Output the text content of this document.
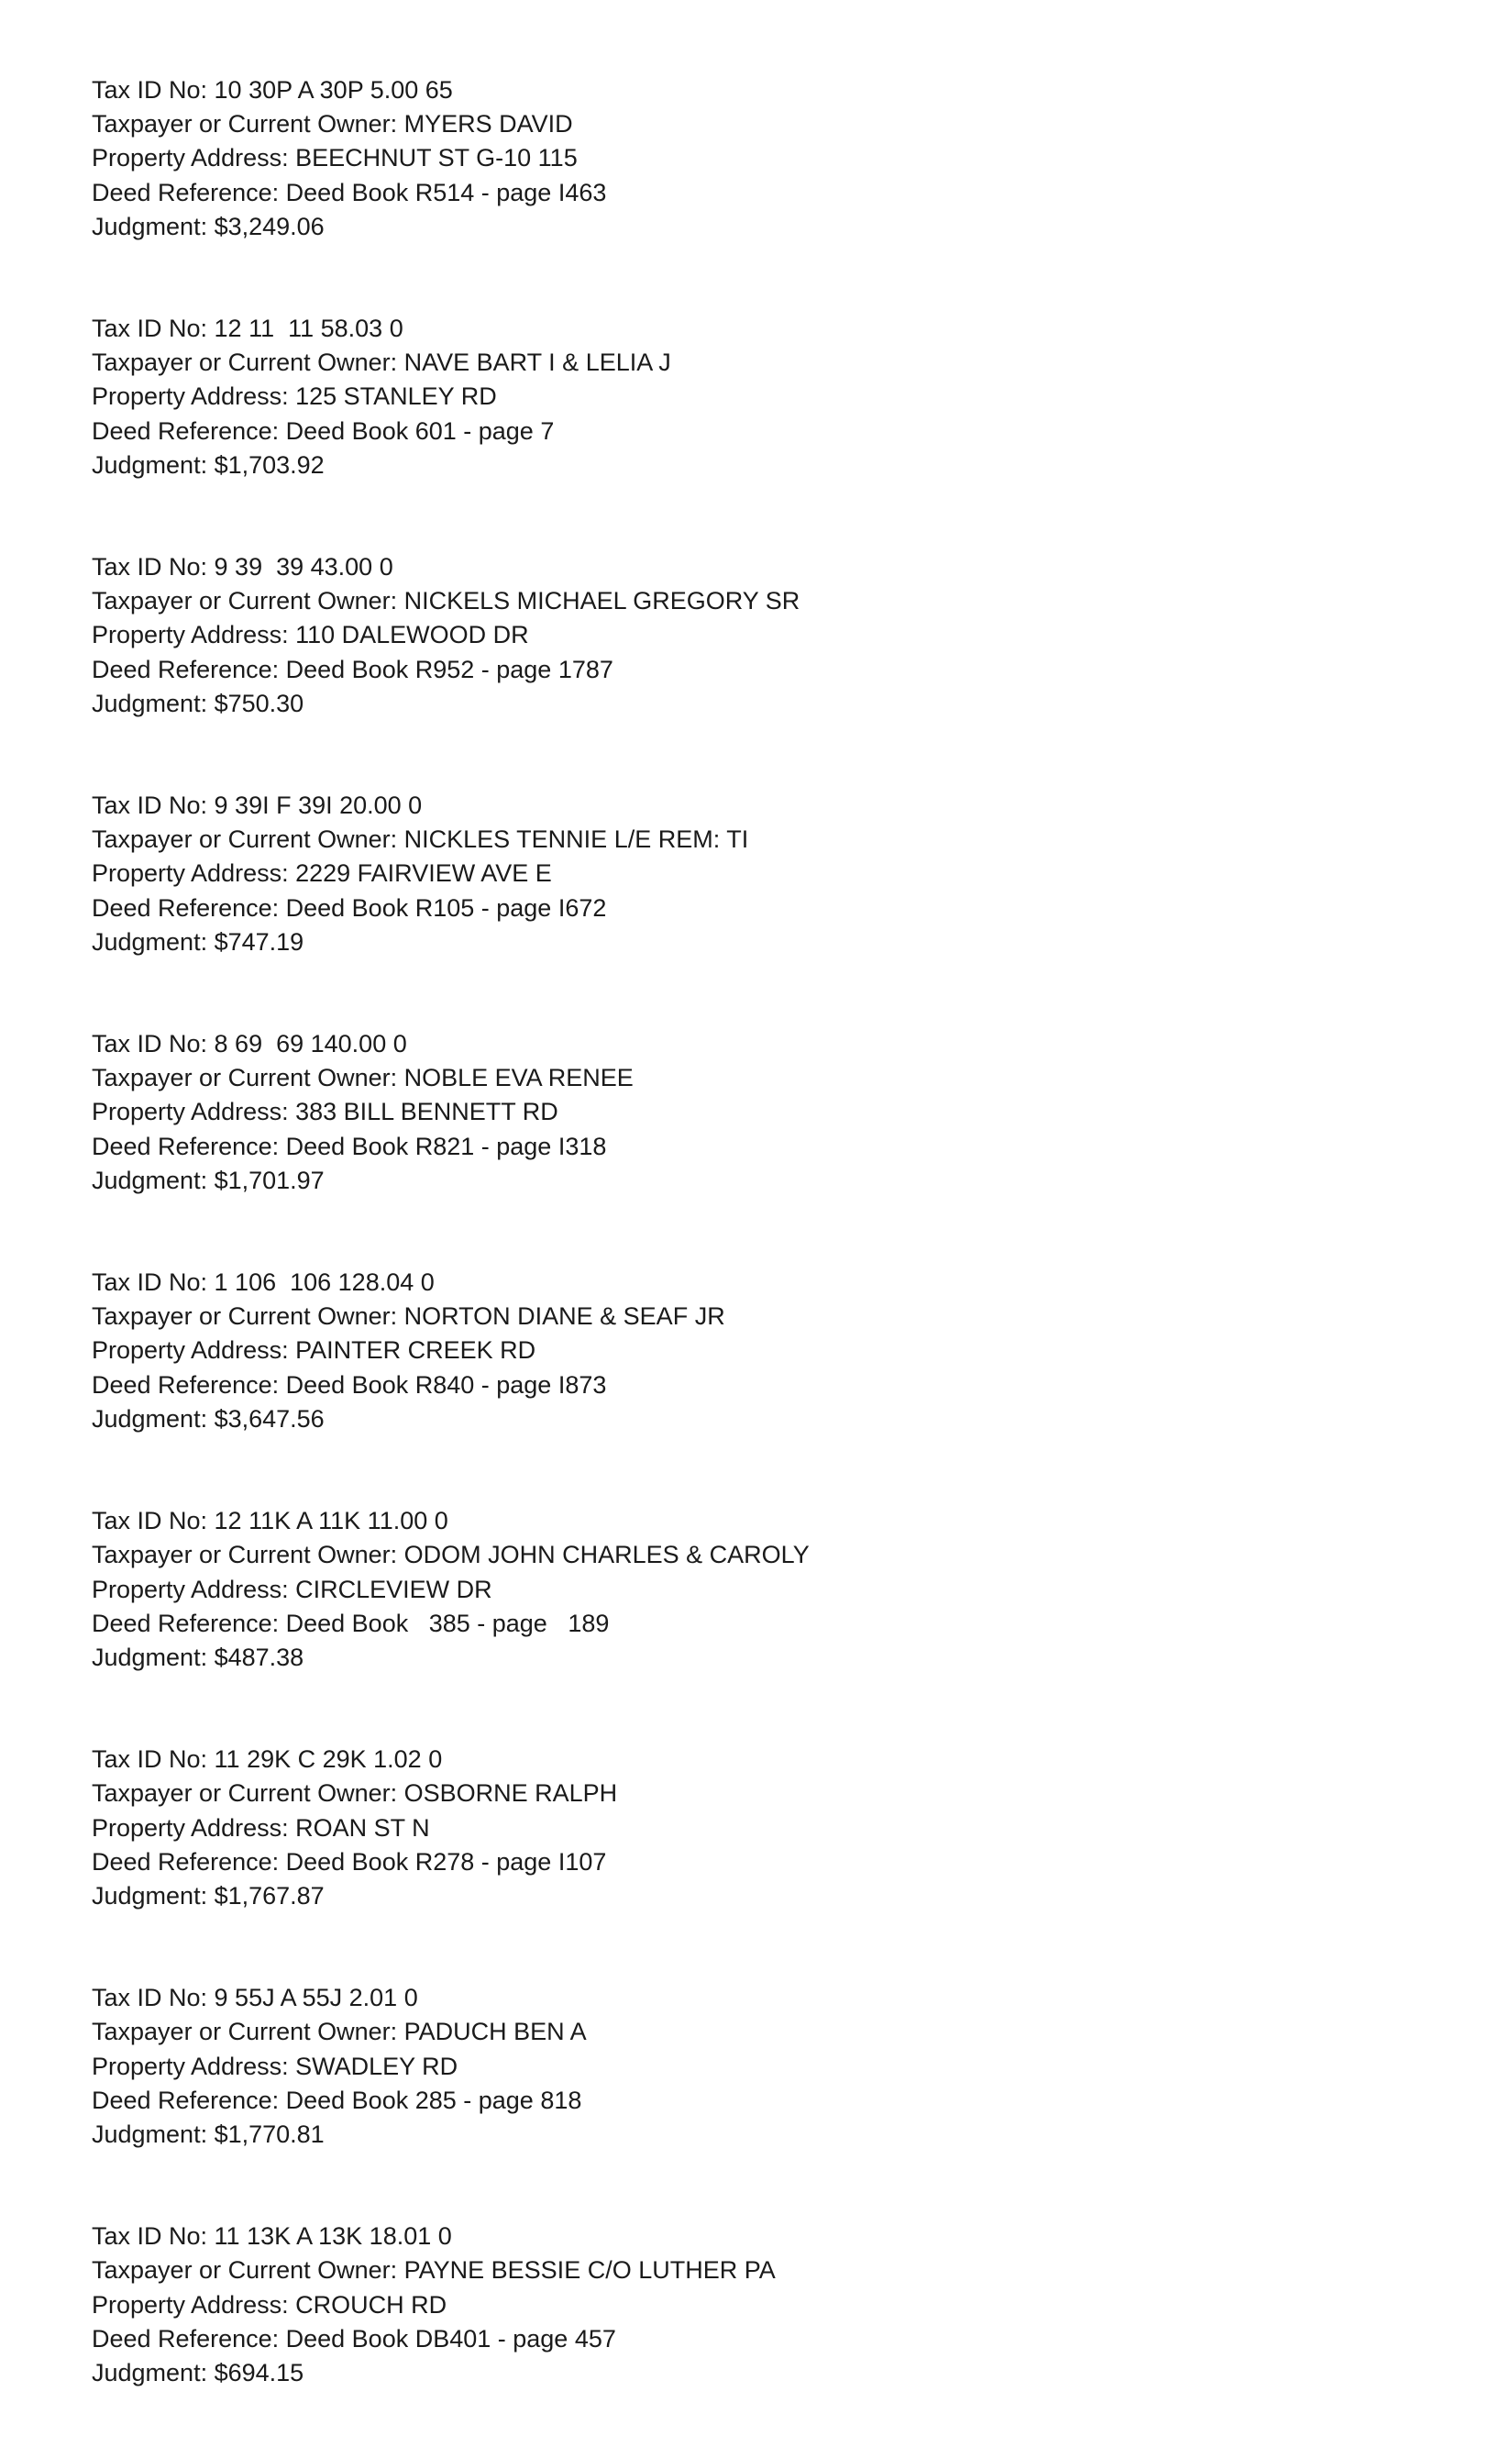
Tax ID No: 10 30P A 30P 5.00 65
Taxpayer or Current Owner: MYERS DAVID
Property Address: BEECHNUT ST G-10 115
Deed Reference: Deed Book R514 - page I463
Judgment: $3,249.06
Tax ID No: 12 11  11 58.03 0
Taxpayer or Current Owner: NAVE BART I & LELIA J
Property Address: 125 STANLEY RD
Deed Reference: Deed Book 601 - page 7
Judgment: $1,703.92
Tax ID No: 9 39  39 43.00 0
Taxpayer or Current Owner: NICKELS MICHAEL GREGORY SR
Property Address: 110 DALEWOOD DR
Deed Reference: Deed Book R952 - page 1787
Judgment: $750.30
Tax ID No: 9 39I F 39I 20.00 0
Taxpayer or Current Owner: NICKLES TENNIE L/E REM: TI
Property Address: 2229 FAIRVIEW AVE E
Deed Reference: Deed Book R105 - page I672
Judgment: $747.19
Tax ID No: 8 69  69 140.00 0
Taxpayer or Current Owner: NOBLE EVA RENEE
Property Address: 383 BILL BENNETT RD
Deed Reference: Deed Book R821 - page I318
Judgment: $1,701.97
Tax ID No: 1 106  106 128.04 0
Taxpayer or Current Owner: NORTON DIANE & SEAF JR
Property Address: PAINTER CREEK RD
Deed Reference: Deed Book R840 - page I873
Judgment: $3,647.56
Tax ID No: 12 11K A 11K 11.00 0
Taxpayer or Current Owner: ODOM JOHN CHARLES & CAROLY
Property Address: CIRCLEVIEW DR
Deed Reference: Deed Book   385 - page   189
Judgment: $487.38
Tax ID No: 11 29K C 29K 1.02 0
Taxpayer or Current Owner: OSBORNE RALPH
Property Address: ROAN ST N
Deed Reference: Deed Book R278 - page I107
Judgment: $1,767.87
Tax ID No: 9 55J A 55J 2.01 0
Taxpayer or Current Owner: PADUCH BEN A
Property Address: SWADLEY RD
Deed Reference: Deed Book 285 - page 818
Judgment: $1,770.81
Tax ID No: 11 13K A 13K 18.01 0
Taxpayer or Current Owner: PAYNE BESSIE C/O LUTHER PA
Property Address: CROUCH RD
Deed Reference: Deed Book DB401 - page 457
Judgment: $694.15
